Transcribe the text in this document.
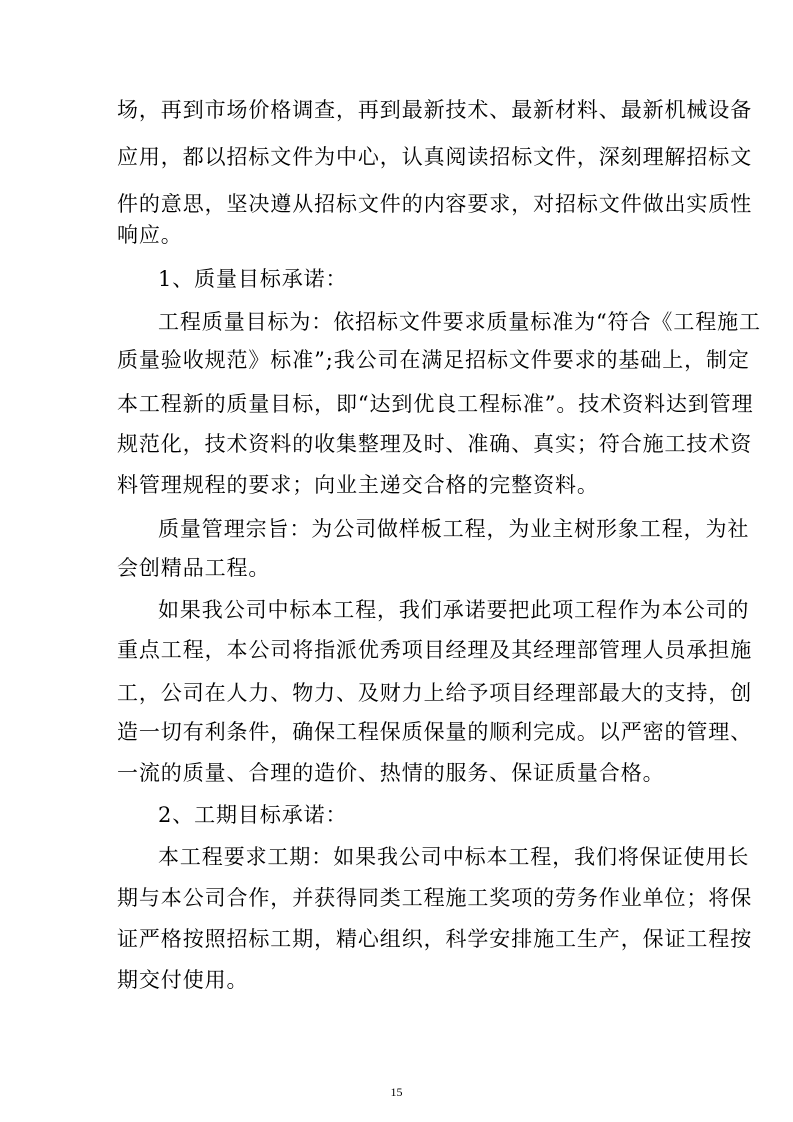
场，再到市场价格调查，再到最新技术、最新材料、最新机械设备
应用，都以招标文件为中心，认真阅读招标文件，深刻理解招标文
件的意思，坚决遵从招标文件的内容要求，对招标文件做出实质性
响应。
1、质量目标承诺：
工程质量目标为：依招标文件要求质量标准为“符合《工程施工
质量验收规范》标准”;我公司在满足招标文件要求的基础上，制定
本工程新的质量目标，即“达到优良工程标准”。技术资料达到管理
规范化，技术资料的收集整理及时、准确、真实；符合施工技术资
料管理规程的要求；向业主递交合格的完整资料。
质量管理宗旨：为公司做样板工程，为业主树形象工程，为社
会创精品工程。
如果我公司中标本工程，我们承诺要把此项工程作为本公司的
重点工程，本公司将指派优秀项目经理及其经理部管理人员承担施
工，公司在人力、物力、及财力上给予项目经理部最大的支持，创
造一切有利条件，确保工程保质保量的顺利完成。以严密的管理、
一流的质量、合理的造价、热情的服务、保证质量合格。
2、工期目标承诺：
本工程要求工期：如果我公司中标本工程，我们将保证使用长
期与本公司合作，并获得同类工程施工奖项的劳务作业单位；将保
证严格按照招标工期，精心组织，科学安排施工生产，保证工程按
期交付使用。
15
